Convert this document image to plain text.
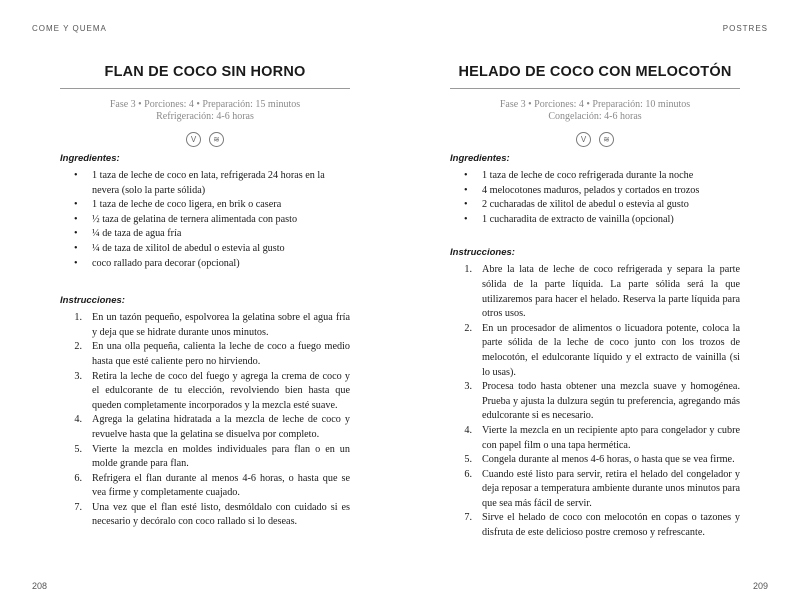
COME Y QUEMA
FLAN DE COCO SIN HORNO
Fase 3 • Porciones: 4 • Preparación: 15 minutos
Refrigeración: 4-6 horas
V	≋

Ingredientes:

• 1 taza de leche de coco en lata, refrigerada 24 horas en la nevera (solo la parte sólida)
• 1 taza de leche de coco ligera, en brik o casera
• ½ taza de gelatina de ternera alimentada con pasto
• ¼ de taza de agua fría
• ¼ de taza de xilitol de abedul o estevia al gusto
• coco rallado para decorar (opcional)

Instrucciones:

1. En un tazón pequeño, espolvorea la gelatina sobre el agua fría y deja que se hidrate durante unos minutos.
2. En una olla pequeña, calienta la leche de coco a fuego medio hasta que esté caliente pero no hirviendo.
3. Retira la leche de coco del fuego y agrega la crema de coco y el edulcorante de tu elección, revolviendo bien hasta que queden completamente incorporados y la mezcla esté suave.
4. Agrega la gelatina hidratada a la mezcla de leche de coco y revuelve hasta que la gelatina se disuelva por completo.
5. Vierte la mezcla en moldes individuales para flan o en un molde grande para flan.
6. Refrigera el flan durante al menos 4-6 horas, o hasta que se vea firme y completamente cuajado.
7. Una vez que el flan esté listo, desmóldalo con cuidado si es necesario y decóralo con coco rallado si lo deseas.
208
POSTRES
HELADO DE COCO CON MELOCOTÓN
Fase 3 • Porciones: 4 • Preparación: 10 minutos
Congelación: 4-6 horas
V	≋

Ingredientes:

• 1 taza de leche de coco refrigerada durante la noche
• 4 melocotones maduros, pelados y cortados en trozos
• 2 cucharadas de xilitol de abedul o estevia al gusto
• 1 cucharadita de extracto de vainilla (opcional)

Instrucciones:

1. Abre la lata de leche de coco refrigerada y separa la parte sólida de la parte líquida. La parte sólida será la que utilizaremos para hacer el helado. Reserva la parte líquida para otros usos.
2. En un procesador de alimentos o licuadora potente, coloca la parte sólida de la leche de coco junto con los trozos de melocotón, el edulcorante líquido y el extracto de vainilla (si lo usas).
3. Procesa todo hasta obtener una mezcla suave y homogénea. Prueba y ajusta la dulzura según tu preferencia, agregando más edulcorante si es necesario.
4. Vierte la mezcla en un recipiente apto para congelador y cubre con papel film o una tapa hermética.
5. Congela durante al menos 4-6 horas, o hasta que se vea firme.
6. Cuando esté listo para servir, retira el helado del congelador y deja reposar a temperatura ambiente durante unos minutos para que sea más fácil de servir.
7. Sirve el helado de coco con melocotón en copas o tazones y disfruta de este delicioso postre cremoso y refrescante.
209
